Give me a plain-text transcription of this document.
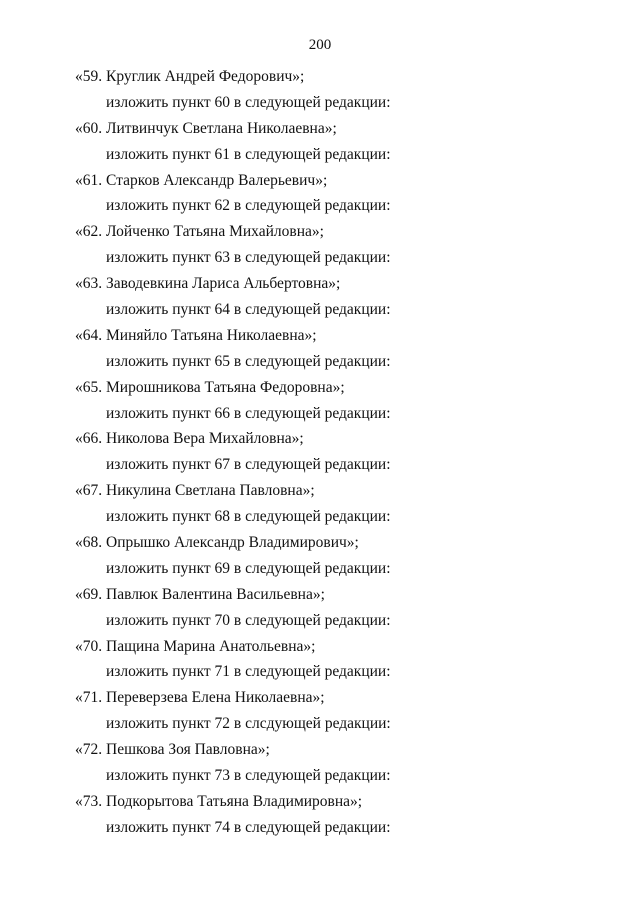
200
«59. Круглик Андрей Федорович»;
изложить пункт 60 в следующей редакции:
«60. Литвинчук Светлана Николаевна»;
изложить пункт 61 в следующей редакции:
«61. Старков Александр Валерьевич»;
изложить пункт 62 в следующей редакции:
«62. Лойченко Татьяна Михайловна»;
изложить пункт 63 в следующей редакции:
«63. Заводевкина Лариса Альбертовна»;
изложить пункт 64 в следующей редакции:
«64. Миняйло Татьяна Николаевна»;
изложить пункт 65 в следующей редакции:
«65. Мирошникова Татьяна Федоровна»;
изложить пункт 66 в следующей редакции:
«66. Николова Вера Михайловна»;
изложить пункт 67 в следующей редакции:
«67. Никулина Светлана Павловна»;
изложить пункт 68 в следующей редакции:
«68. Опрышко Александр Владимирович»;
изложить пункт 69 в следующей редакции:
«69. Павлюк Валентина Васильевна»;
изложить пункт 70 в следующей редакции:
«70. Пащина Марина Анатольевна»;
изложить пункт 71 в следующей редакции:
«71. Переверзева Елена Николаевна»;
изложить пункт 72 в слсдующей редакции:
«72. Пешкова Зоя Павловна»;
изложить пункт 73 в следующей редакции:
«73. Подкорытова Татьяна Владимировна»;
изложить пункт 74 в следующей редакции:
